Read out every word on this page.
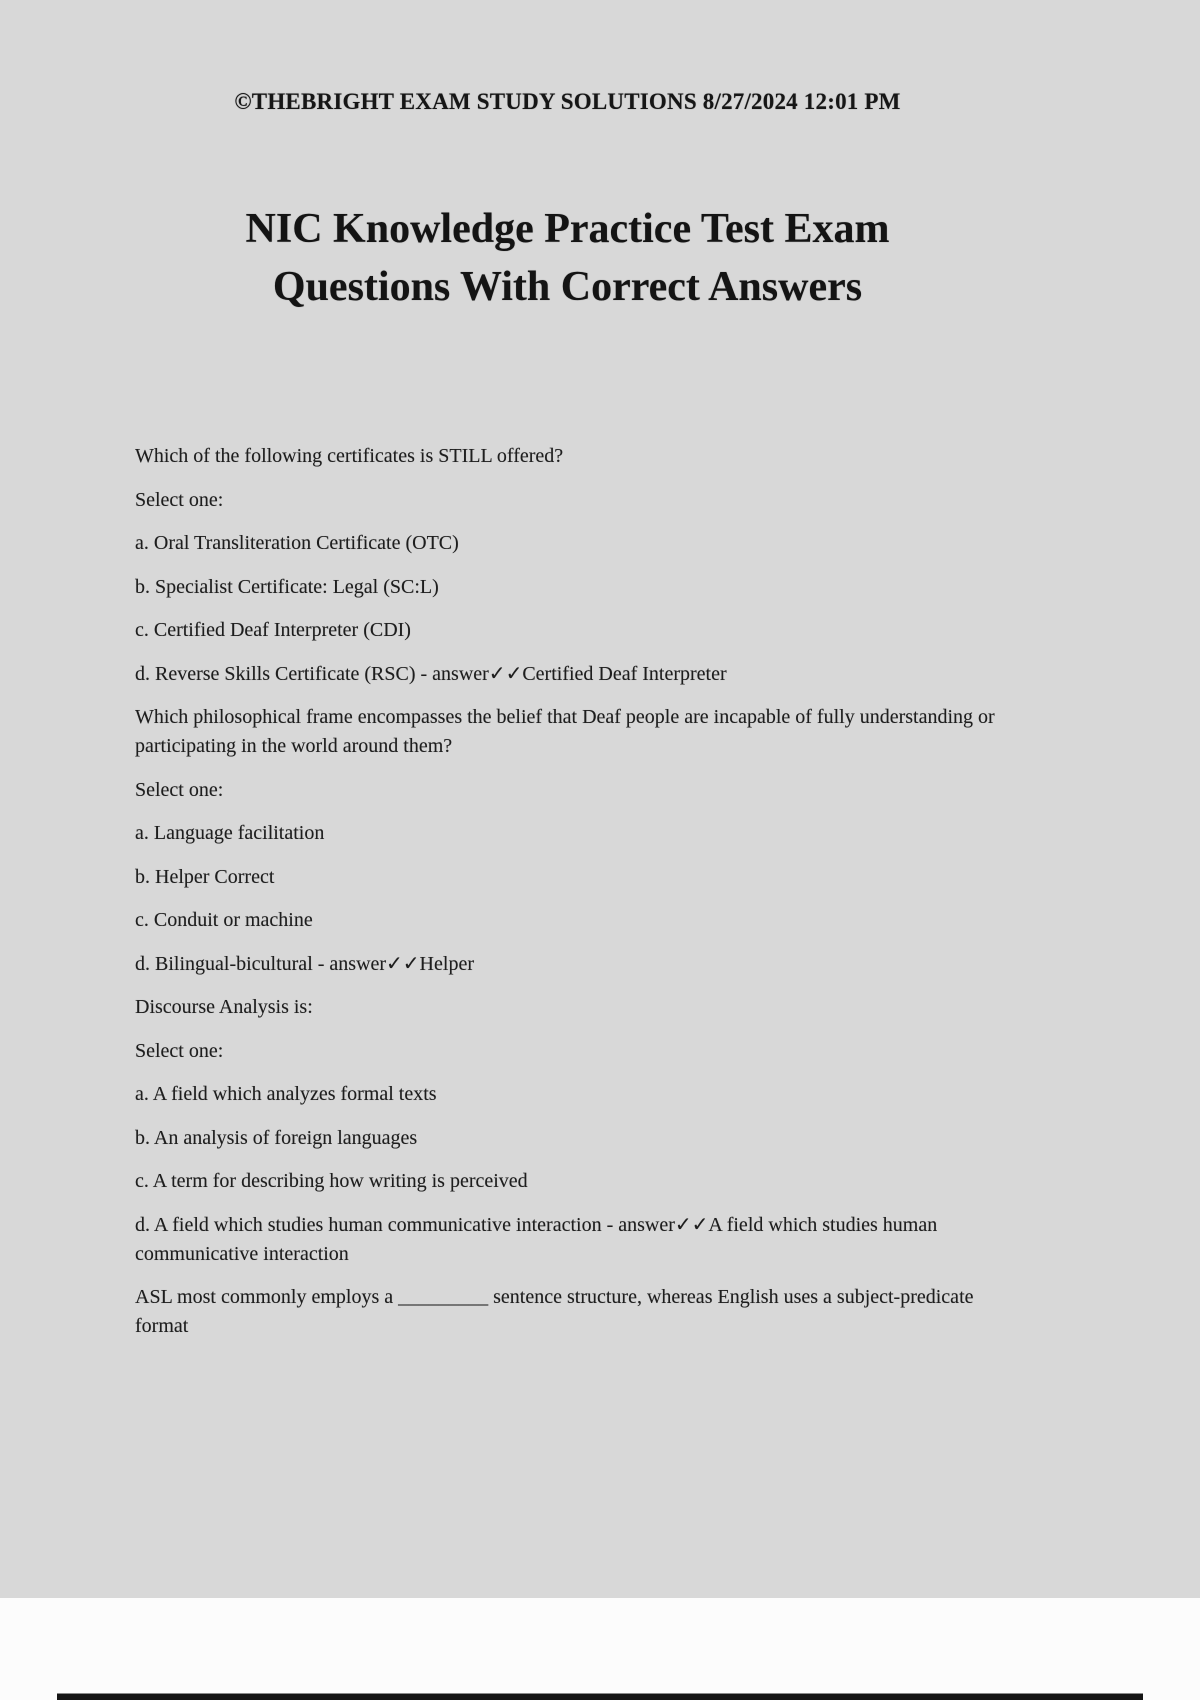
©THEBRIGHT EXAM STUDY SOLUTIONS 8/27/2024 12:01 PM
NIC Knowledge Practice Test Exam
Questions With Correct Answers

Which of the following certificates is STILL offered?

Select one:

a. Oral Transliteration Certificate (OTC)

b. Specialist Certificate: Legal (SC:L)

c. Certified Deaf Interpreter (CDI)

d. Reverse Skills Certificate (RSC) - answer✓✓Certified Deaf Interpreter

Which philosophical frame encompasses the belief that Deaf people are incapable of fully understanding or participating in the world around them?

Select one:

a. Language facilitation

b. Helper Correct

c. Conduit or machine

d. Bilingual-bicultural - answer✓✓Helper

Discourse Analysis is:

Select one:

a. A field which analyzes formal texts

b. An analysis of foreign languages

c. A term for describing how writing is perceived

d. A field which studies human communicative interaction - answer✓✓A field which studies human communicative interaction

ASL most commonly employs a _________ sentence structure, whereas English uses a subject-predicate format
